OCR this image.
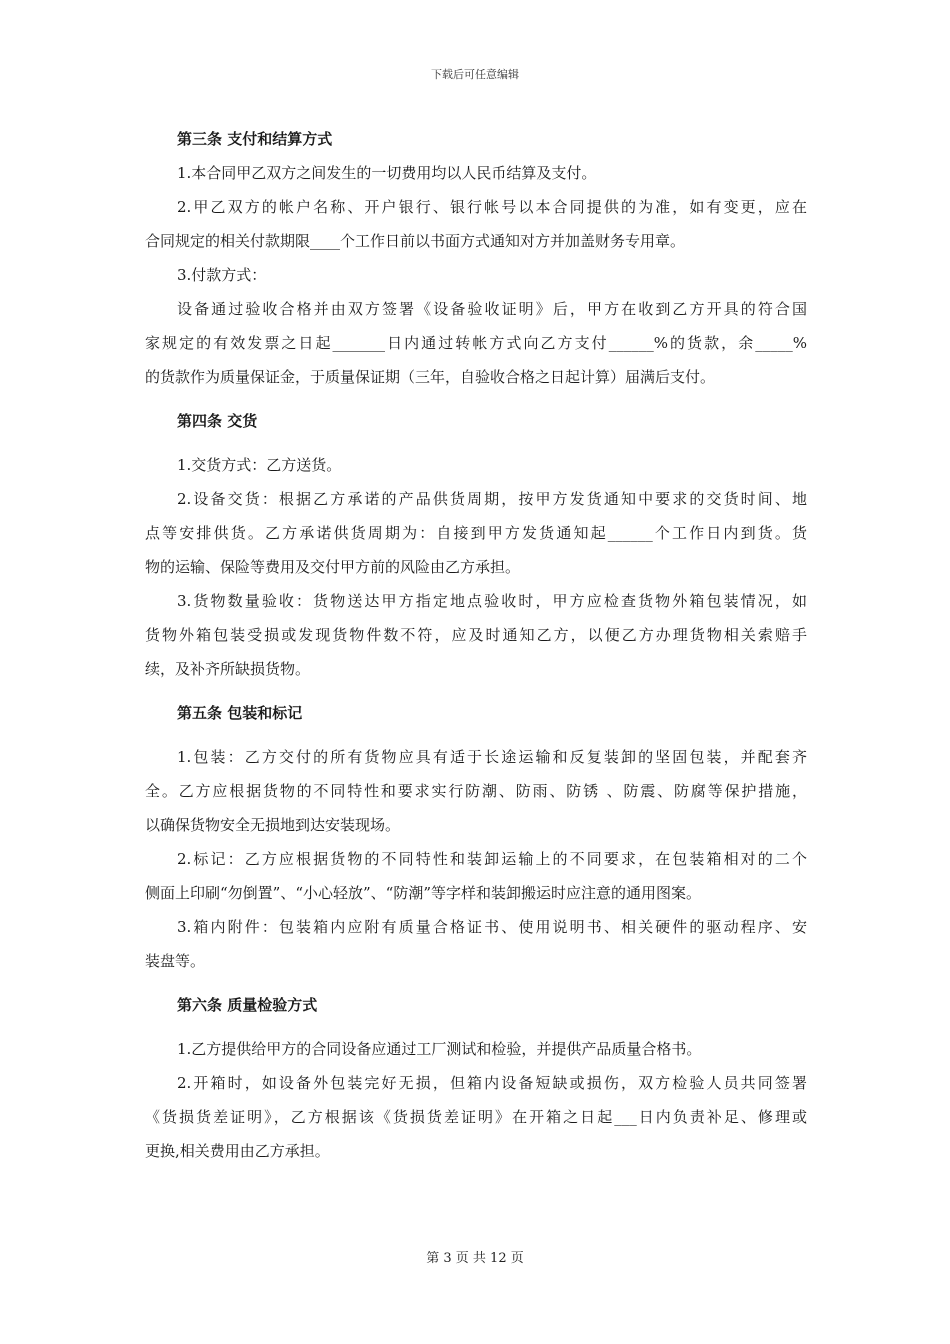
下载后可任意编辑
第三条 支付和结算方式
1.本合同甲乙双方之间发生的一切费用均以人民币结算及支付。
2.甲乙双方的帐户名称、开户银行、银行帐号以本合同提供的为准，如有变更，应在
合同规定的相关付款期限____个工作日前以书面方式通知对方并加盖财务专用章。
3.付款方式：
设备通过验收合格并由双方签署《设备验收证明》后，甲方在收到乙方开具的符合国
家规定的有效发票之日起_______日内通过转帐方式向乙方支付______%的货款，余_____%
的货款作为质量保证金，于质量保证期（三年，自验收合格之日起计算）届满后支付。
第四条 交货
1.交货方式：乙方送货。
2.设备交货：根据乙方承诺的产品供货周期，按甲方发货通知中要求的交货时间、地
点等安排供货。乙方承诺供货周期为：自接到甲方发货通知起______个工作日内到货。货
物的运输、保险等费用及交付甲方前的风险由乙方承担。
3.货物数量验收：货物送达甲方指定地点验收时，甲方应检查货物外箱包装情况，如
货物外箱包装受损或发现货物件数不符，应及时通知乙方，以便乙方办理货物相关索赔手
续，及补齐所缺损货物。
第五条 包装和标记
1.包装：乙方交付的所有货物应具有适于长途运输和反复装卸的坚固包装，并配套齐
全。乙方应根据货物的不同特性和要求实行防潮、防雨、防锈 、防震、防腐等保护措施，
以确保货物安全无损地到达安装现场。
2.标记：乙方应根据货物的不同特性和装卸运输上的不同要求，在包装箱相对的二个
侧面上印刷“勿倒置”、“小心轻放”、“防潮”等字样和装卸搬运时应注意的通用图案。
3.箱内附件：包装箱内应附有质量合格证书、使用说明书、相关硬件的驱动程序、安
装盘等。
第六条 质量检验方式
1.乙方提供给甲方的合同设备应通过工厂测试和检验，并提供产品质量合格书。
2.开箱时，如设备外包装完好无损，但箱内设备短缺或损伤，双方检验人员共同签署
《货损货差证明》，乙方根据该《货损货差证明》在开箱之日起___日内负责补足、修理或
更换,相关费用由乙方承担。
第 3 页 共 12 页
